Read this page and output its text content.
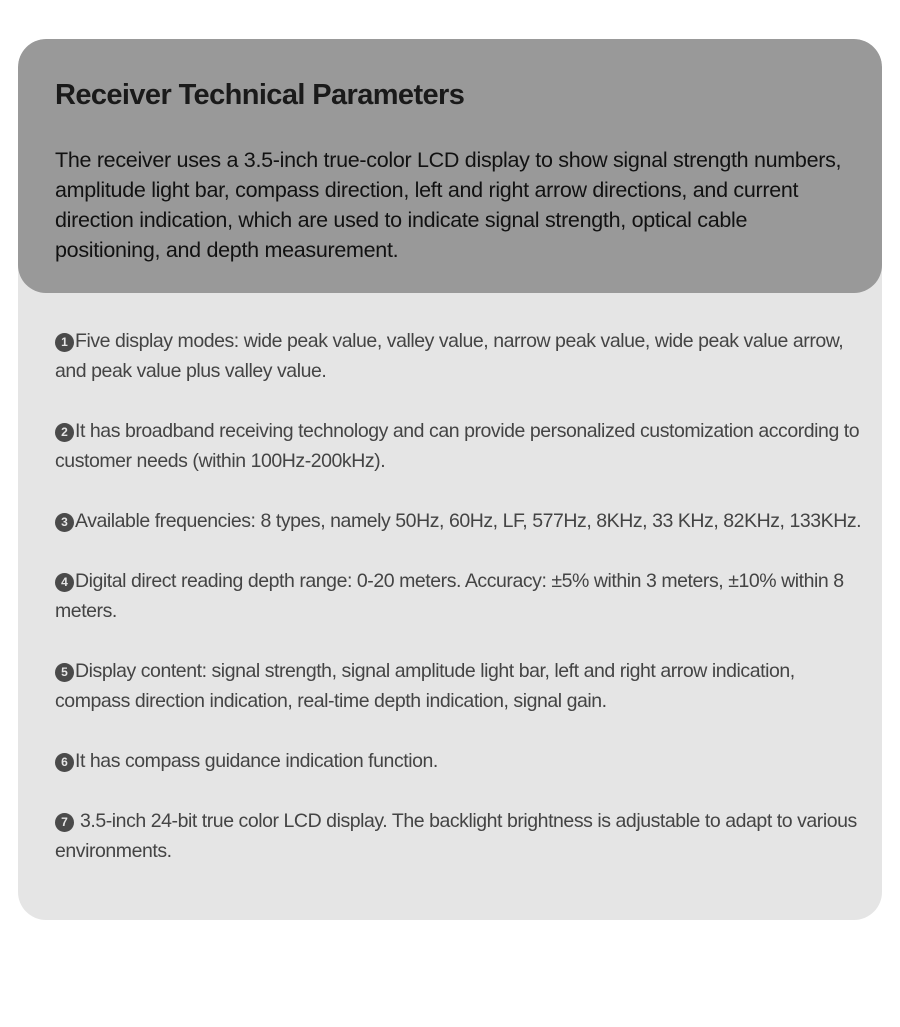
Receiver Technical Parameters

The receiver uses a 3.5-inch true-color LCD display to show signal strength numbers, amplitude light bar, compass direction, left and right arrow directions, and current direction indication, which are used to indicate signal strength, optical cable positioning, and depth measurement.

1 Five display modes: wide peak value, valley value, narrow peak value, wide peak value arrow, and peak value plus valley value.
2 It has broadband receiving technology and can provide personalized customization according to customer needs (within 100Hz-200kHz).
3 Available frequencies: 8 types, namely 50Hz, 60Hz, LF, 577Hz, 8KHz, 33 KHz, 82KHz, 133KHz.
4 Digital direct reading depth range: 0-20 meters. Accuracy: ±5% within 3 meters, ±10% within 8 meters.
5 Display content: signal strength, signal amplitude light bar, left and right arrow indication, compass direction indication, real-time depth indication, signal gain.
6 It has compass guidance indication function.
7 3.5-inch 24-bit true color LCD display. The backlight brightness is adjustable to adapt to various environments.
